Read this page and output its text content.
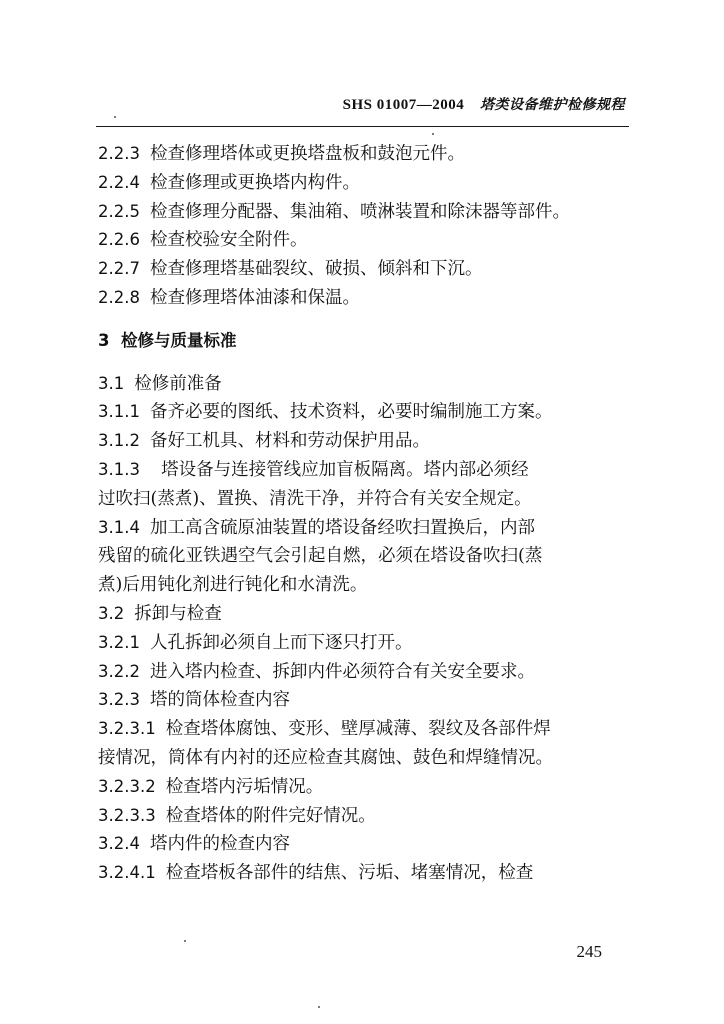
SHS 01007—2004 塔类设备维护检修规程
2.2.3 检查修理塔体或更换塔盘板和鼓泡元件。
2.2.4 检查修理或更换塔内构件。
2.2.5 检查修理分配器、集油箱、喷淋装置和除沫器等部件。
2.2.6 检查校验安全附件。
2.2.7 检查修理塔基础裂纹、破损、倾斜和下沉。
2.2.8 检查修理塔体油漆和保温。
3 检修与质量标准
3.1 检修前准备
3.1.1 备齐必要的图纸、技术资料，必要时编制施工方案。
3.1.2 备好工机具、材料和劳动保护用品。
3.1.3 塔设备与连接管线应加盲板隔离。塔内部必须经
过吹扫(蒸煮)、置换、清洗干净，并符合有关安全规定。
3.1.4 加工高含硫原油装置的塔设备经吹扫置换后，内部
残留的硫化亚铁遇空气会引起自燃，必须在塔设备吹扫(蒸
煮)后用钝化剂进行钝化和水清洗。
3.2 拆卸与检查
3.2.1 人孔拆卸必须自上而下逐只打开。
3.2.2 进入塔内检查、拆卸内件必须符合有关安全要求。
3.2.3 塔的筒体检查内容
3.2.3.1 检查塔体腐蚀、变形、壁厚减薄、裂纹及各部件焊
接情况，筒体有内衬的还应检查其腐蚀、鼓色和焊缝情况。
3.2.3.2 检查塔内污垢情况。
3.2.3.3 检查塔体的附件完好情况。
3.2.4 塔内件的检查内容
3.2.4.1 检查塔板各部件的结焦、污垢、堵塞情况，检查
245
